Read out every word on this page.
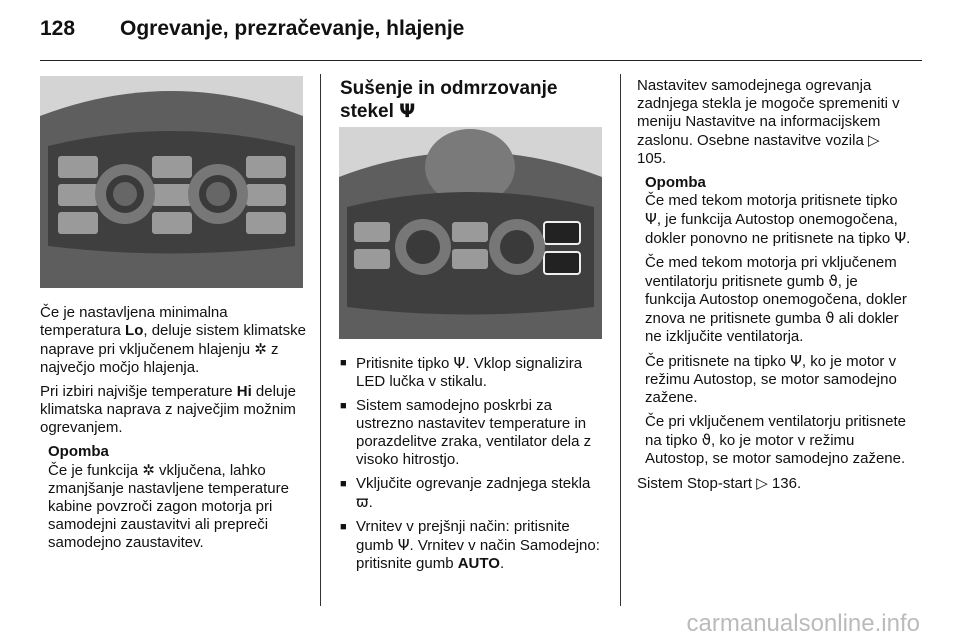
128 Ogrevanje, prezračevanje, hlajenje

Če je nastavljena minimalna temperatura Lo, deluje sistem klimatske naprave pri vključenem hlajenju ✲ z največjo močjo hlajenja.

Pri izbiri najvišje temperature Hi deluje klimatska naprava z največjim možnim ogrevanjem.

Opomba
Če je funkcija ✲ vključena, lahko zmanjšanje nastavljene temperature kabine povzroči zagon motorja pri samodejni zaustavitvi ali prepreči samodejno zaustavitev.

Sušenje in odmrzovanje stekel Ψ

■ Pritisnite tipko Ψ. Vklop signalizira LED lučka v stikalu.
■ Sistem samodejno poskrbi za ustrezno nastavitev temperature in porazdelitve zraka, ventilator dela z visoko hitrostjo.
■ Vključite ogrevanje zadnjega stekla ϖ.
■ Vrnitev v prejšnji način: pritisnite gumb Ψ. Vrnitev v način Samodejno: pritisnite gumb AUTO.

Nastavitev samodejnega ogrevanja zadnjega stekla je mogoče spremeniti v meniju Nastavitve na informacijskem zaslonu. Osebne nastavitve vozila ▷ 105.

Opomba

Če med tekom motorja pritisnete tipko Ψ, je funkcija Autostop onemogočena, dokler ponovno ne pritisnete na tipko Ψ.

Če med tekom motorja pri vključenem ventilatorju pritisnete gumb ϑ, je funkcija Autostop onemogočena, dokler znova ne pritisnete gumba ϑ ali dokler ne izključite ventilatorja.

Če pritisnete na tipko Ψ, ko je motor v režimu Autostop, se motor samodejno zažene.

Če pri vključenem ventilatorju pritisnete na tipko ϑ, ko je motor v režimu Autostop, se motor samodejno zažene.

Sistem Stop-start ▷ 136.

carmanualsonline.info
